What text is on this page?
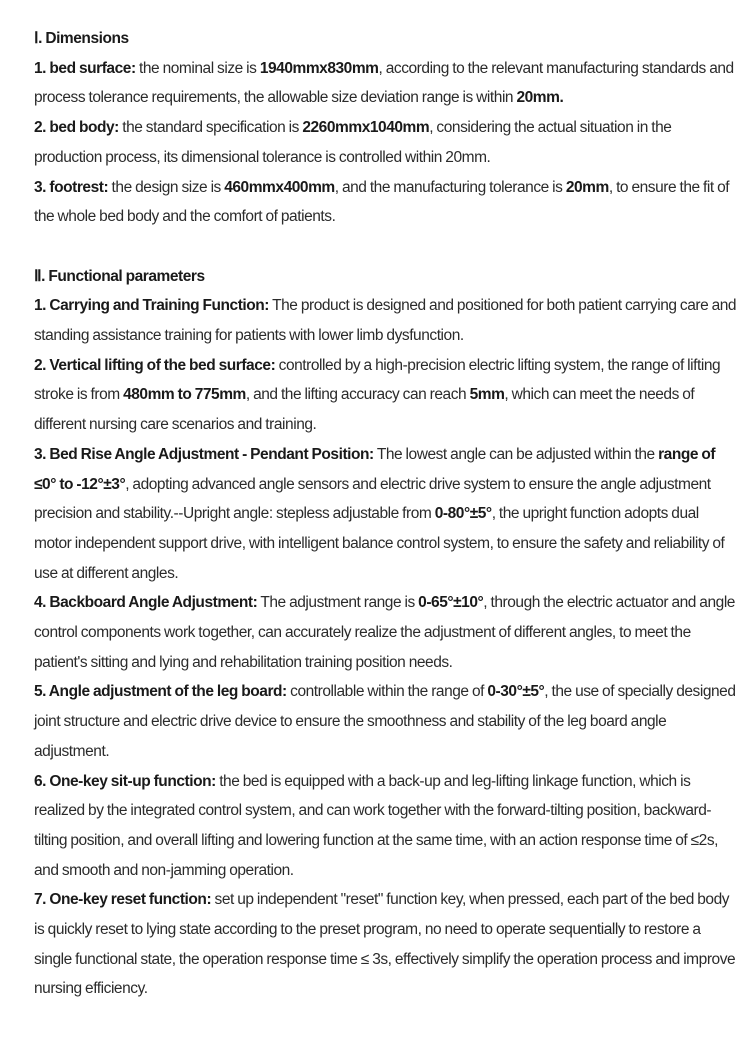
Ⅰ. Dimensions
1. bed surface: the nominal size is 1940mmx830mm, according to the relevant manufacturing standards and process tolerance requirements, the allowable size deviation range is within 20mm.
2. bed body: the standard specification is 2260mmx1040mm, considering the actual situation in the production process, its dimensional tolerance is controlled within 20mm.
3. footrest: the design size is 460mmx400mm, and the manufacturing tolerance is 20mm, to ensure the fit of the whole bed body and the comfort of patients.
Ⅱ. Functional parameters
1. Carrying and Training Function: The product is designed and positioned for both patient carrying care and standing assistance training for patients with lower limb dysfunction.
2. Vertical lifting of the bed surface: controlled by a high-precision electric lifting system, the range of lifting stroke is from 480mm to 775mm, and the lifting accuracy can reach 5mm, which can meet the needs of different nursing care scenarios and training.
3. Bed Rise Angle Adjustment - Pendant Position: The lowest angle can be adjusted within the range of ≤0° to -12°±3°, adopting advanced angle sensors and electric drive system to ensure the angle adjustment precision and stability.--Upright angle: stepless adjustable from 0-80°±5°, the upright function adopts dual motor independent support drive, with intelligent balance control system, to ensure the safety and reliability of use at different angles.
4. Backboard Angle Adjustment: The adjustment range is 0-65°±10°, through the electric actuator and angle control components work together, can accurately realize the adjustment of different angles, to meet the patient's sitting and lying and rehabilitation training position needs.
5. Angle adjustment of the leg board: controllable within the range of 0-30°±5°, the use of specially designed joint structure and electric drive device to ensure the smoothness and stability of the leg board angle adjustment.
6. One-key sit-up function: the bed is equipped with a back-up and leg-lifting linkage function, which is realized by the integrated control system, and can work together with the forward-tilting position, backward-tilting position, and overall lifting and lowering function at the same time, with an action response time of ≤2s, and smooth and non-jamming operation.
7. One-key reset function: set up independent "reset" function key, when pressed, each part of the bed body is quickly reset to lying state according to the preset program, no need to operate sequentially to restore a single functional state, the operation response time ≤ 3s, effectively simplify the operation process and improve nursing efficiency.
